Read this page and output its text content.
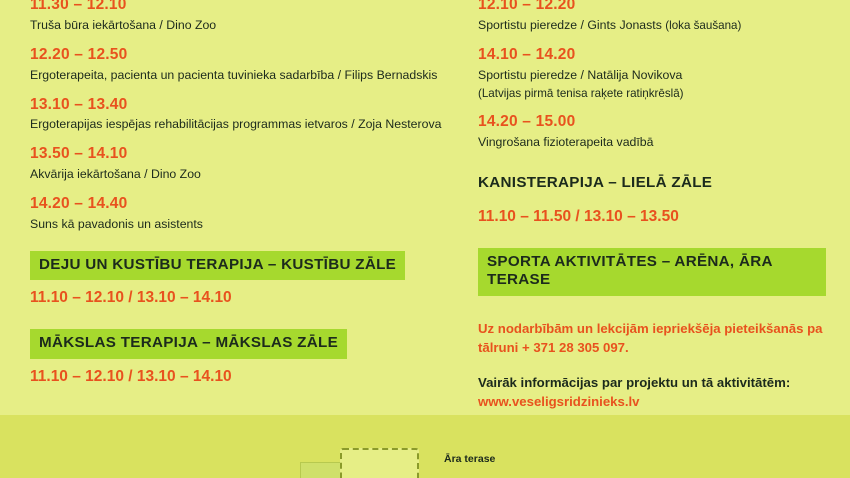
11.30 – 12.10
Truša būra iekārtošana / Dino Zoo
12.20 – 12.50
Ergoterapeita, pacienta un pacienta tuvinieka sadarbība / Filips Bernadskis
13.10 – 13.40
Ergoterapijas iespējas rehabilitācijas programmas ietvaros / Zoja Nesterova
13.50 – 14.10
Akvārija iekārtošana / Dino Zoo
14.20 – 14.40
Suns kā pavadonis un asistents
DEJU UN KUSTĪBU TERAPIJA – KUSTĪBU ZĀLE
11.10 – 12.10 / 13.10 – 14.10
MĀKSLAS TERAPIJA – MĀKSLAS ZĀLE
11.10 – 12.10 / 13.10 – 14.10
12.10 – 12.20
Sportistu pieredze / Gints Jonasts (loka šaušana)
14.10 – 14.20
Sportistu pieredze / Natālija Novikova
(Latvijas pirmā tenisa raķete ratiņkrēslā)
14.20 – 15.00
Vingrošana fizioterapeita vadībā
KANISTERAPIJA – LIELĀ ZĀLE
11.10 – 11.50 / 13.10 – 13.50
SPORTA AKTIVITĀTES – ARĒNA, ĀRA TERASE
Uz nodarbībām un lekcijām iepriekšēja pieteikšanās pa tālruni + 371 28 305 097.
Vairāk informācijas par projektu un tā aktivitātēm: www.veseligsridzinieks.lv
Āra terase
